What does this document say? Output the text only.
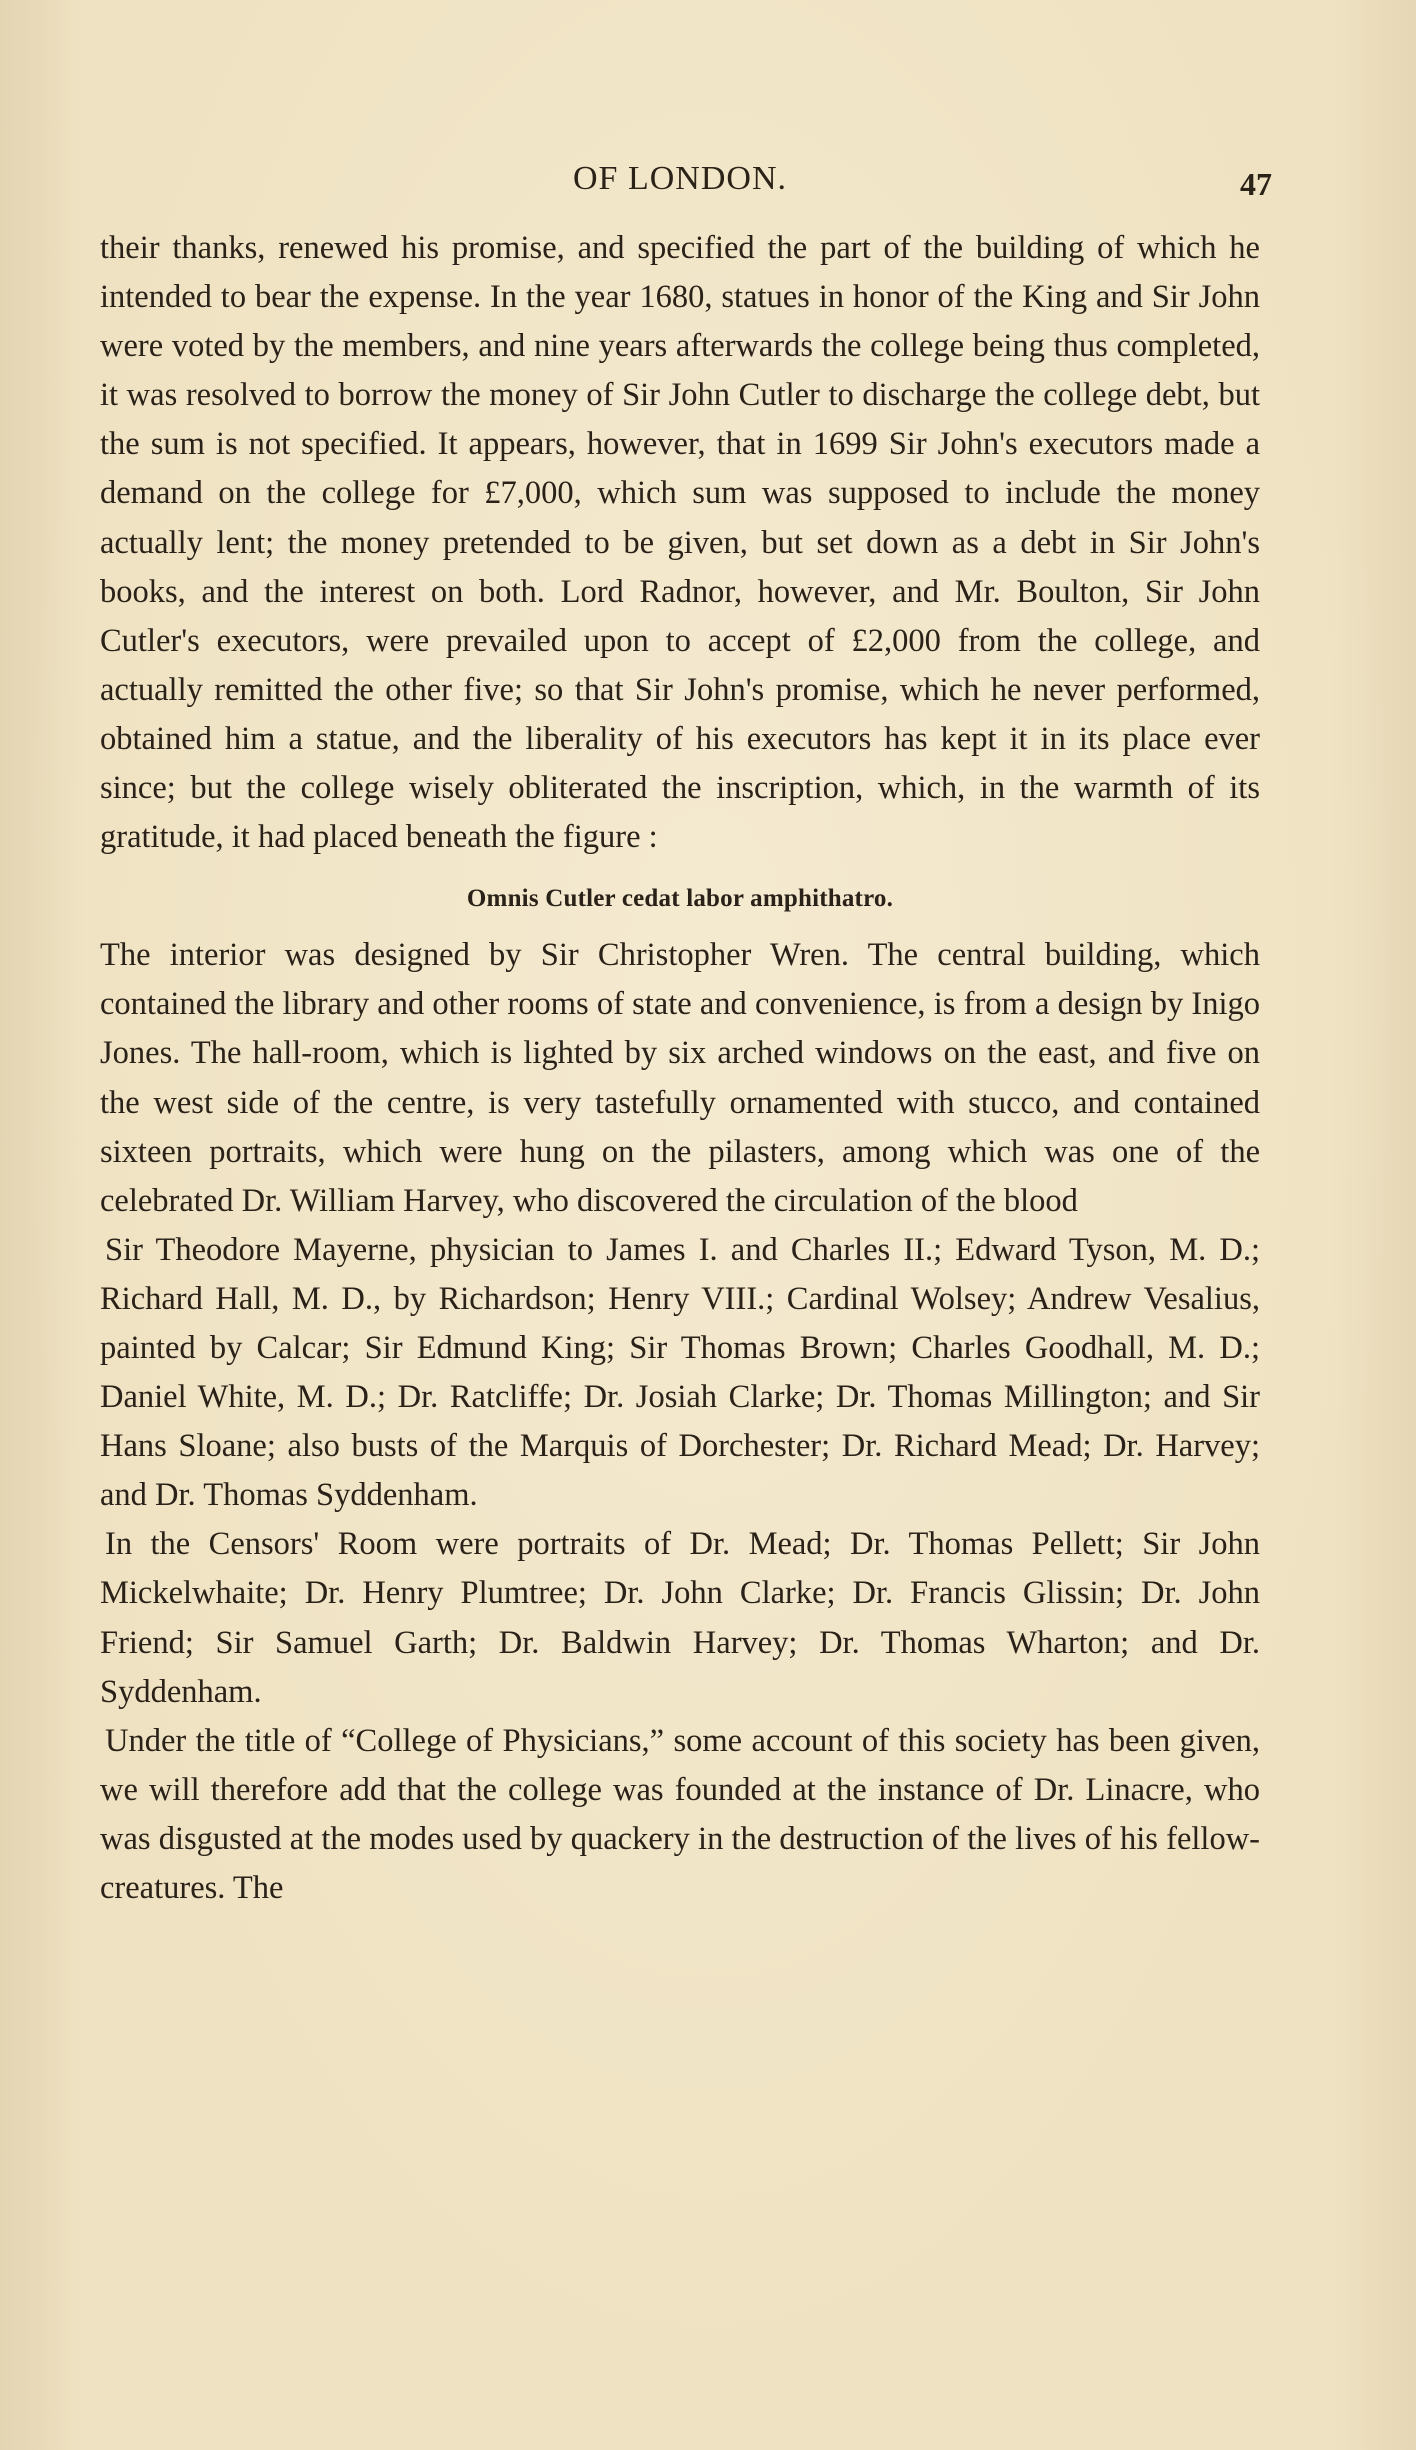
OF LONDON.	47

their thanks, renewed his promise, and specified the part of the building of which he intended to bear the expense. In the year 1680, statues in honor of the King and Sir John were voted by the members, and nine years afterwards the college being thus completed, it was resolved to borrow the money of Sir John Cutler to discharge the college debt, but the sum is not specified. It appears, however, that in 1699 Sir John's executors made a demand on the college for £7,000, which sum was supposed to include the money actually lent; the money pretended to be given, but set down as a debt in Sir John's books, and the interest on both. Lord Radnor, however, and Mr. Boulton, Sir John Cutler's executors, were prevailed upon to accept of £2,000 from the college, and actually remitted the other five; so that Sir John's promise, which he never performed, obtained him a statue, and the liberality of his executors has kept it in its place ever since; but the college wisely obliterated the inscription, which, in the warmth of its gratitude, it had placed beneath the figure :

Omnis Cutler cedat labor amphithatro.

The interior was designed by Sir Christopher Wren. The central building, which contained the library and other rooms of state and convenience, is from a design by Inigo Jones. The hall-room, which is lighted by six arched windows on the east, and five on the west side of the centre, is very tastefully ornamented with stucco, and contained sixteen portraits, which were hung on the pilasters, among which was one of the celebrated Dr. William Harvey, who discovered the circulation of the blood

Sir Theodore Mayerne, physician to James I. and Charles II.; Edward Tyson, M. D.; Richard Hall, M. D., by Richardson; Henry VIII.; Cardinal Wolsey; Andrew Vesalius, painted by Calcar; Sir Edmund King; Sir Thomas Brown; Charles Goodhall, M. D.; Daniel White, M. D.; Dr. Ratcliffe; Dr. Josiah Clarke; Dr. Thomas Millington; and Sir Hans Sloane; also busts of the Marquis of Dorchester; Dr. Richard Mead; Dr. Harvey; and Dr. Thomas Syddenham.

In the Censors' Room were portraits of Dr. Mead; Dr. Thomas Pellett; Sir John Mickelwhaite; Dr. Henry Plumtree; Dr. John Clarke; Dr. Francis Glissin; Dr. John Friend; Sir Samuel Garth; Dr. Baldwin Harvey; Dr. Thomas Wharton; and Dr. Syddenham.

Under the title of “College of Physicians,” some account of this society has been given, we will therefore add that the college was founded at the instance of Dr. Linacre, who was disgusted at the modes used by quackery in the destruction of the lives of his fellow-creatures. The
